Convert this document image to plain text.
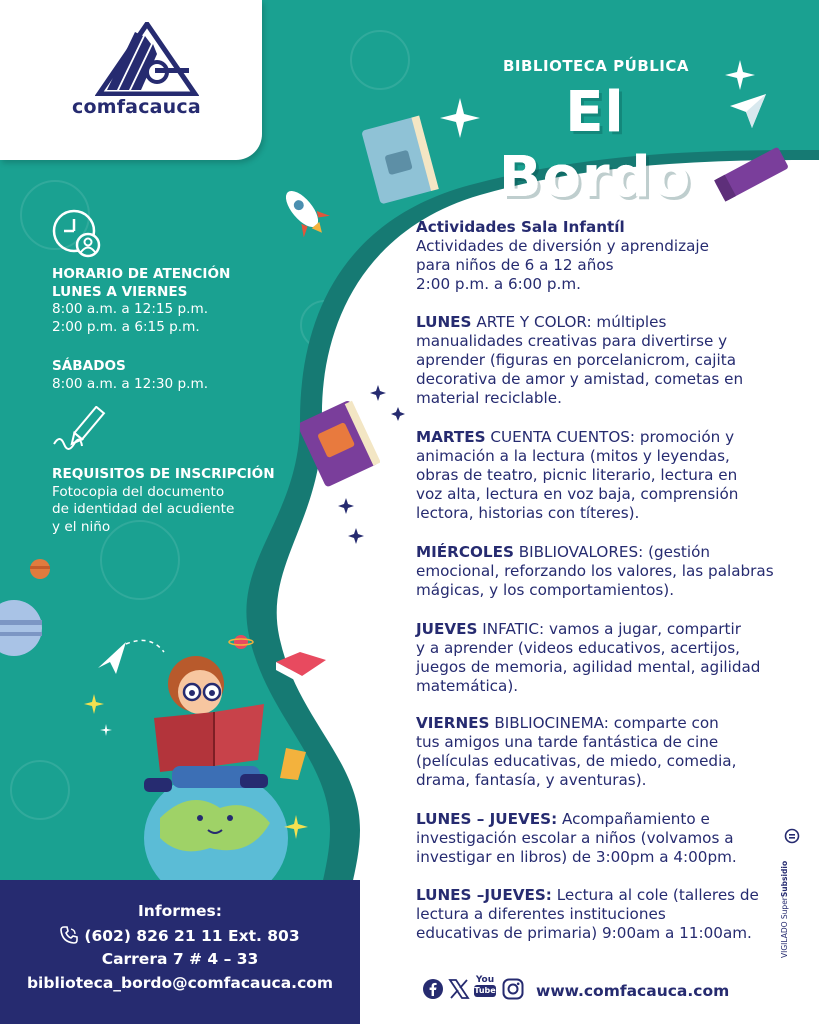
comfacauca
BIBLIOTECA PÚBLICA
El Bordo
HORARIO DE ATENCIÓN
LUNES A VIERNES
8:00 a.m. a 12:15 p.m.
2:00 p.m. a 6:15 p.m.
SÁBADOS
8:00 a.m. a 12:30 p.m.
REQUISITOS DE INSCRIPCIÓN
Fotocopia del documento
de identidad del acudiente
y el niño
Actividades Sala Infantíl
Actividades de diversión y aprendizaje
para niños de 6 a 12 años
2:00 p.m. a 6:00 p.m.
LUNES ARTE Y COLOR: múltiples
manualidades creativas para divertirse y
aprender (figuras en porcelanicrom, cajita
decorativa de amor y amistad, cometas en
material reciclable.
MARTES CUENTA CUENTOS: promoción y
animación a la lectura (mitos y leyendas,
obras de teatro, picnic literario, lectura en
voz alta, lectura en voz baja, comprensión
lectora, historias con títeres).
MIÉRCOLES BIBLIOVALORES: (gestión
emocional, reforzando los valores, las palabras
mágicas, y los comportamientos).
JUEVES INFATIC: vamos a jugar, compartir
y a aprender (videos educativos, acertijos,
juegos de memoria, agilidad mental, agilidad
matemática).
VIERNES BIBLIOCINEMA: comparte con
tus amigos una tarde fantástica de cine
(películas educativas, de miedo, comedia,
drama, fantasía, y aventuras).
LUNES – JUEVES: Acompañamiento e
investigación escolar a niños (volvamos a
investigar en libros) de 3:00pm a 4:00pm.
LUNES –JUEVES: Lectura al cole (talleres de
lectura a diferentes instituciones
educativas de primaria) 9:00am a 11:00am.
Informes:
(602) 826 21 11 Ext. 803
Carrera 7 # 4 – 33
biblioteca_bordo@comfacauca.com	You
Tube	www.comfacauca.com
VIGILADO SuperSubsidio
